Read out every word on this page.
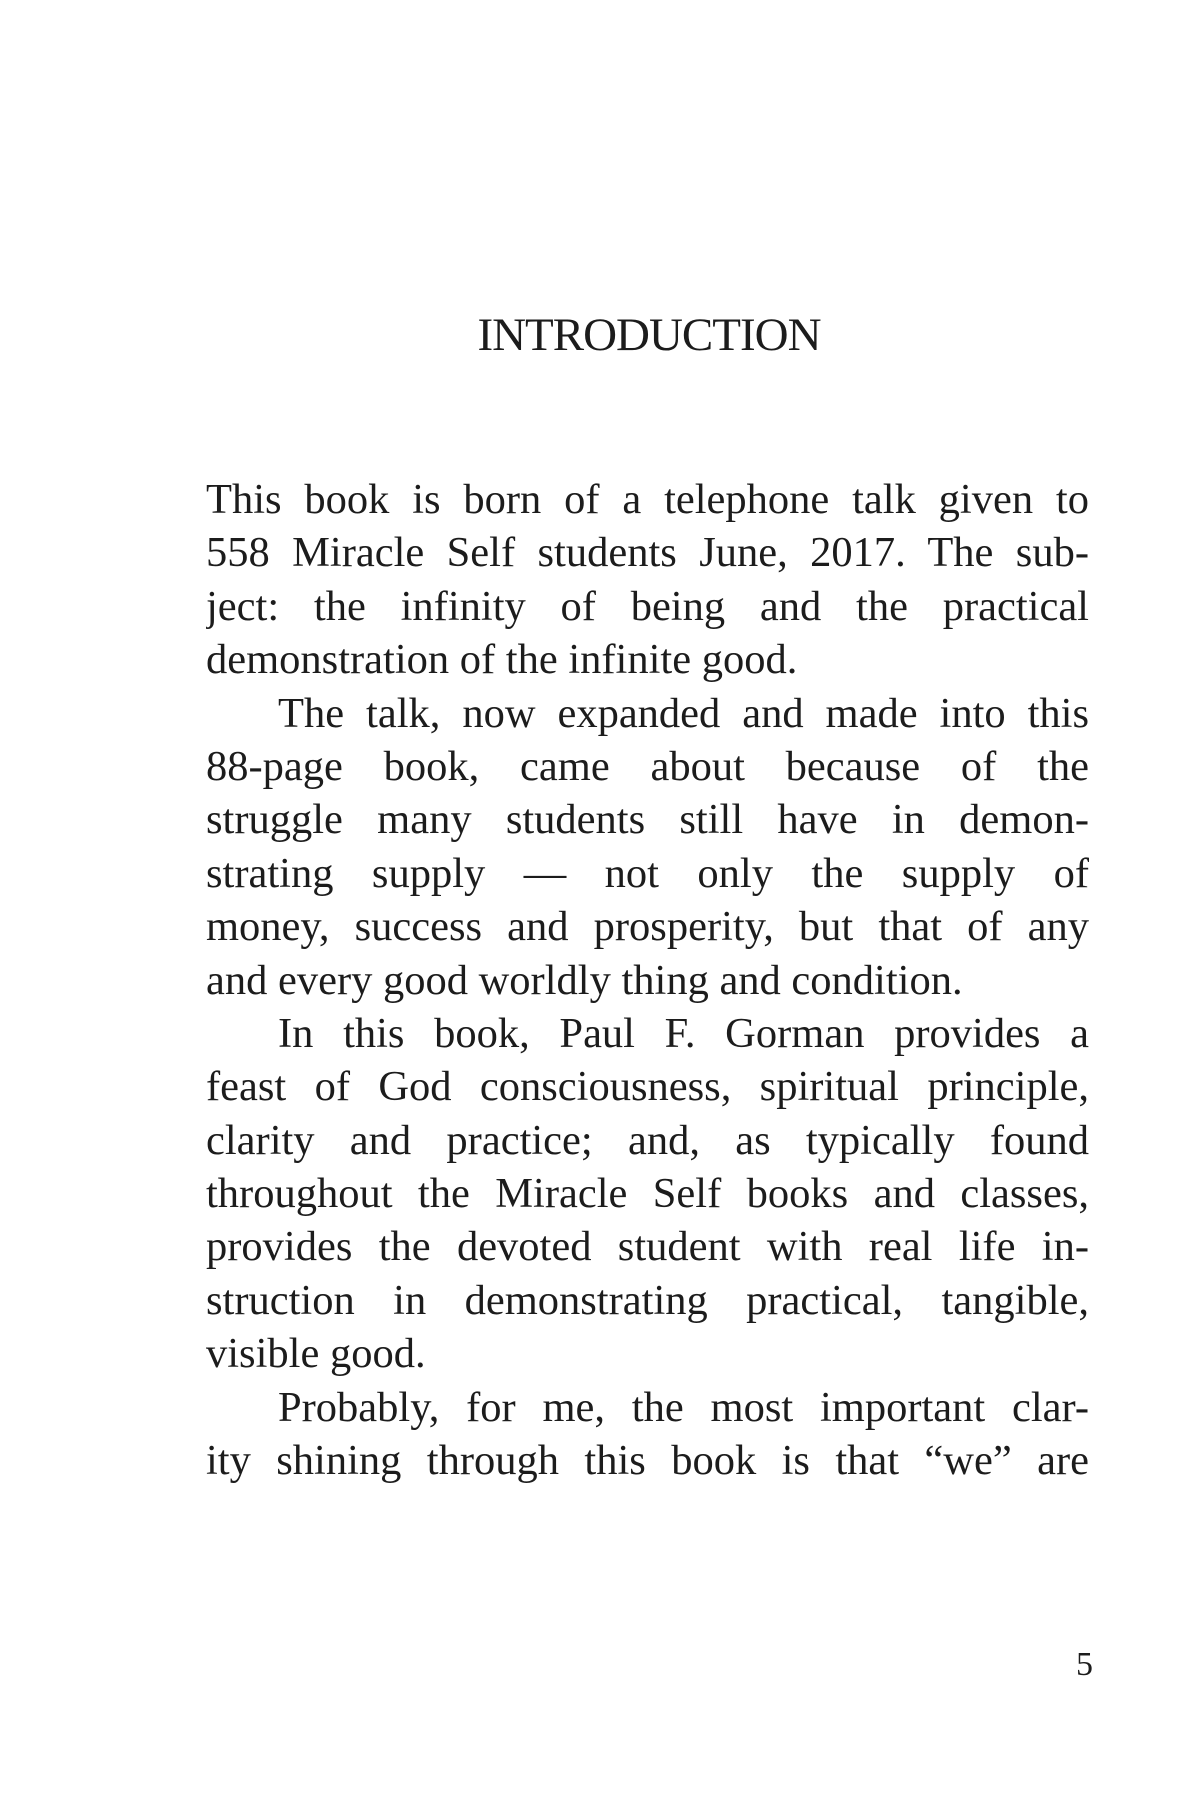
INTRODUCTION
This book is born of a telephone talk given to
558 Miracle Self students June, 2017. The sub-
ject: the infinity of being and the practical
demonstration of the infinite good.
The talk, now expanded and made into this
88-page book, came about because of the
struggle many students still have in demon-
strating supply — not only the supply of
money, success and prosperity, but that of any
and every good worldly thing and condition.
In this book, Paul F. Gorman provides a
feast of God consciousness, spiritual principle,
clarity and practice; and, as typically found
throughout the Miracle Self books and classes,
provides the devoted student with real life in-
struction in demonstrating practical, tangible,
visible good.
Probably, for me, the most important clar-
ity shining through this book is that “we” are
5
